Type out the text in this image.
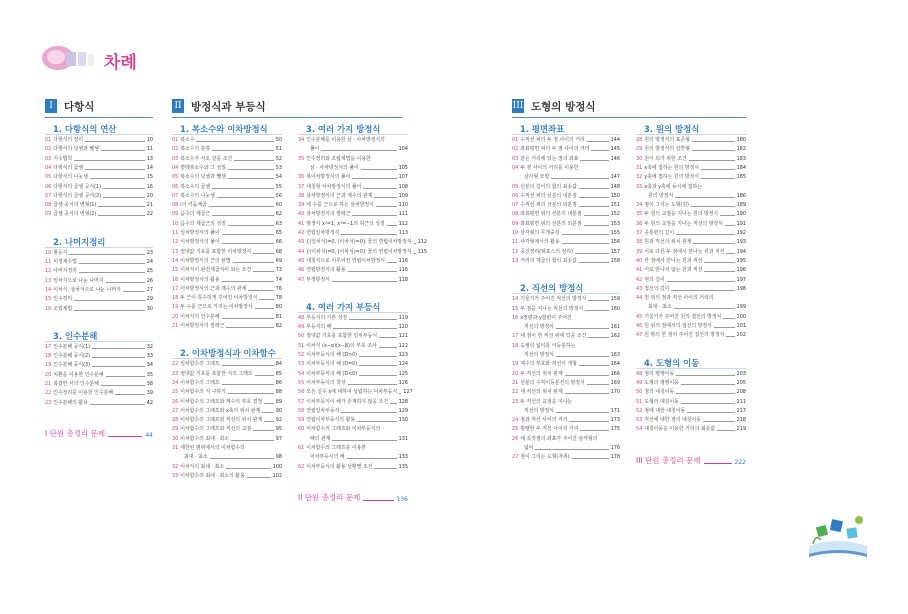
차례
I	다항식
1. 다항식의 연산
01 다항식의 정리	10
02 다항식의 덧셈과 뺄셈	11
03 지수법칙	13
04 다항식의 곱셈	14
05 다항식의 나눗셈	15
06 다항식의 곱셈 공식(1)	16
07 다항식의 곱셈 공식(2)	20
08 곱셈 공식의 변형(1)	21
09 곱셈 공식의 변형(2)	22
2. 나머지정리
10 항등식	23
11 미정계수법	24
12 나머지정리	25
13 일차식으로 나눈 나머지	26
14 이차식, 삼차식으로 나눈 나머지	27
15 인수정리	29
16 조립제법	30
3. 인수분해
17 인수분해 공식(1)	32
18 인수분해 공식(2)	33
19 인수분해 공식(3)	34
20 치환을 이용한 인수분해	35
21 복잡한 식의 인수분해	38
22 인수정리를 이용한 인수분해	39
23 인수분해의 활용	42
I 단원 총정리 문제	44
II 방정식과 부등식
1. 복소수와 이차방정식
01 복소수	50
02 복소수의 분류	51
03 복소수가 서로 같을 조건	52
04 켤레복소수와 그 성질	53
05 복소수의 덧셈과 뺄셈	54
06 복소수의 곱셈	55
07 복소수의 나눗셈	56
08 i의 거듭제곱	60
09 음수의 제곱근	62
10 음수의 제곱근의 성질	63
11 일차방정식의 풀이	65
12 이차방정식의 풀이	66
13 절댓값 기호를 포함한 이차방정식	68
14 이차방정식의 근의 판별	69
15 이차식이 완전제곱식이 되는 조건	73
16 이차방정식의 활용	74
17 이차방정식의 근과 계수의 관계	76
18 두 근이 특수하게 주어진 이차방정식	78
19 두 수를 근으로 가지는 이차방정식	80
20 이차식의 인수분해	81
21 이차방정식의 켤레근	82
2. 이차방정식과 이차함수
22 일차함수의 그래프	84
23 절댓값 기호를 포함한 식의 그래프	85
24 이차함수의 그래프	86
25 이차함수의 식 구하기	88
26 이차함수의 그래프와 계수의 부호 결정	89
27 이차함수의 그래프와 x축의 위치 관계	90
28 이차함수의 그래프와 직선의 위치 관계	92
29 이차함수의 그래프와 직선의 교점	95
30 이차함수의 최대 · 최소	97
31 제한된 범위에서의 이차함수의
최대 · 최소	98
32 이차식의 최대 · 최소	100
33 이차함수의 최대 · 최소의 활용	102
3. 여러 가지 방정식
34 인수분해를 이용한 삼 · 사차방정식의
풀이	104
35 인수정리와 조립제법을 이용한
삼 · 사차방정식의 풀이	105
36 복이차방정식의 풀이	107
37 대칭형 사차방정식의 풀이	108
38 삼차방정식의 근과 계수의 관계	109
39 세 수를 근으로 하는 삼차방정식	110
40 삼차방정식의 켤레근	111
41 방정식 x³=1, x³=−1의 허근의 성질	112
42 연립일차방정식	113
43 {(일차식)=0, (이차식)=0} 꼴의 연립이차방정식 112
44 {(이차식)=0, (이차식)=0} 꼴의 연립이차방정식 115
45 대칭식으로 이루어진 연립이차방정식	116
46 연립방정식의 활용	116
47 부정방정식	118
4. 여러 가지 부등식
48 부등식의 기본 성질	119
49 부등식의 해	120
50 절댓값 기호를 포함한 일차부등식	121
51 이차식 (x−α)(x−β)의 부호 조사	122
52 이차부등식의 해 (D>0)	123
53 이차부등식의 해 (D=0)	124
54 이차부등식의 해 (D<0)	125
55 이차부등식의 작성	126
56 모든 실수 x에 대하여 성립하는 이차부등식 127
57 이차부등식이 해가 존재하지 않을 조건 128
58 연립일차부등식	129
59 연립이차부등식의 활용	130
60 이차함수의 그래프와 이차부등식의
해의 관계	131
61 이차함수의 그래프를 이용한
이차부등식의 해	133
62 이차부등식의 활용 상황별 조건	135
II 단원 총정리 문제	136
III 도형의 방정식
1. 평면좌표
01 수직선 위의 두 점 사이의 거리	144
02 좌표평면 위의 두 점 사이의 거리	145
03 같은 거리에 있는 점의 좌표	146
04 두 점 사이의 거리를 이용한
삼각형 모양	147
05 선분의 길이의 합의 최솟값	148
06 수직선 위의 선분의 내분점	150
07 수직선 위의 선분의 외분점	151
08 좌표평면 위의 선분의 내분점	152
09 좌표평면 위의 선분의 외분점	153
10 삼각형의 무게중심	155
11 사각형에서의 활용	156
12 중선정리(파포스의 정리)	157
13 거리의 제곱의 합의 최솟값	158
2. 직선의 방정식
14 기울기가 주어진 직선의 방정식	159
15 두 점을 지나는 직선의 방정식	160
16 x절편과 y절편이 주어진
직선의 방정식	161
17 세 점이 한 직선 위에 있을 조건	162
18 도형의 넓이를 이등분하는
직선의 방정식	163
19 계수의 부호와 직선의 개형	164
20 두 직선의 위치 관계	166
21 선분의 수직이등분선의 방정식	169
22 세 직선의 위치 관계	170
23 두 직선의 교점을 지나는
직선의 방정식	171
24 점과 직선 사이의 거리	173
25 평행한 두 직선 사이의 거리	175
26 세 꼭짓점의 좌표가 주어진 삼각형의
넓이	176
27 점이 그리는 도형(자취)	178
3. 원의 방정식
28 원의 방정식의 표준형	180
29 원의 방정식의 일반형	182
30 원이 되기 위한 조건	183
31 x축에 접하는 원의 방정식	184
32 y축에 접하는 원의 방정식	185
33 x축과 y축에 동시에 접하는
원의 방정식	186
34 점이 그리는 도형(원)	189
35 두 원의 교점을 지나는 원의 방정식	190
36 두 원의 교점을 지나는 직선의 방정식	191
37 공통현의 길이	192
38 원과 직선의 위치 관계	193
39 서로 다른 두 점에서 만나는 원과 직선 194
40 한 점에서 만나는 원과 직선	195
41 서로 만나지 않는 원과 직선	196
42 현의 길이	197
43 접선의 길이	198
44 원 위의 점과 직선 사이의 거리의
최대 · 최소	199
45 기울기가 주어진 원의 접선의 방정식	200
46 원 위의 점에서의 접선의 방정식	201
47 원 밖의 한 점이 주어진 접선의 방정식 202
4. 도형의 이동
48 점의 평행이동	203
49 도형의 평행이동	205
50 점의 대칭이동	208
51 도형의 대칭이동	211
52 점에 대한 대칭이동	217
53 직선에 대한 점의 대칭이동	218
54 대칭이동을 이용한 거리의 최솟값	219
III 단원 총정리 문제	222
